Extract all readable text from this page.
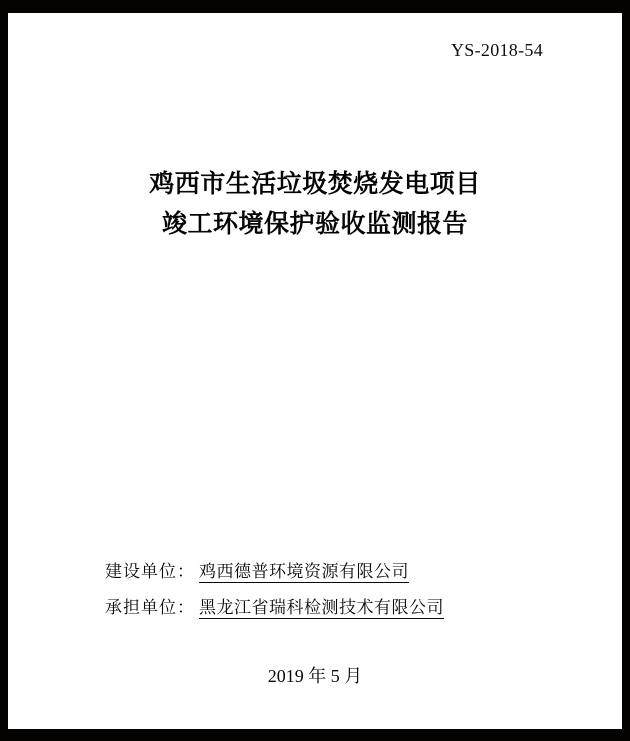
YS-2018-54
鸡西市生活垃圾焚烧发电项目
竣工环境保护验收监测报告
建设单位： 鸡西德普环境资源有限公司
承担单位： 黑龙江省瑞科检测技术有限公司
2019 年 5 月
